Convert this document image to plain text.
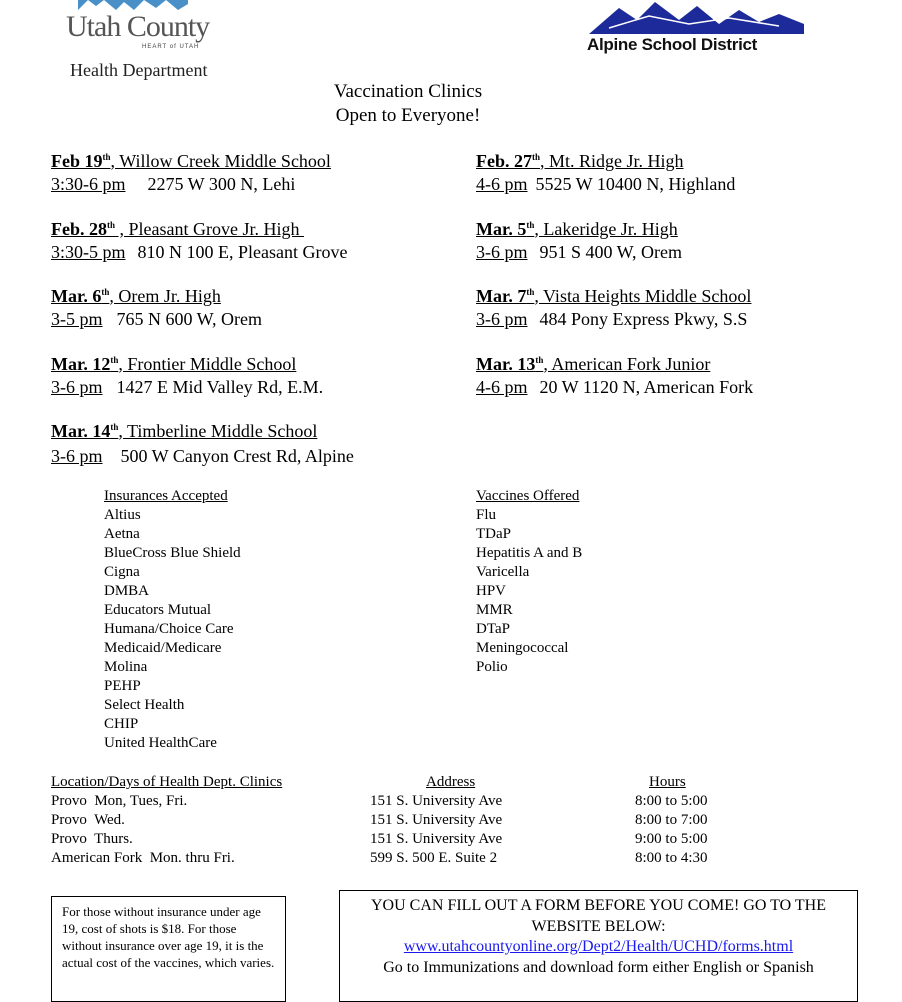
Utah County
HEART of UTAH
Health Department
Alpine School District
Vaccination Clinics
Open to Everyone!
Feb 19th, Willow Creek Middle School
3:30-6 pm 2275 W 300 N, Lehi
Feb. 27th, Mt. Ridge Jr. High
4-6 pm 5525 W 10400 N, Highland
Feb. 28th , Pleasant Grove Jr. High
3:30-5 pm 810 N 100 E, Pleasant Grove
Mar. 5th, Lakeridge Jr. High
3-6 pm 951 S 400 W, Orem
Mar. 6th, Orem Jr. High
3-5 pm 765 N 600 W, Orem
Mar. 7th, Vista Heights Middle School
3-6 pm 484 Pony Express Pkwy, S.S
Mar. 12th, Frontier Middle School
3-6 pm 1427 E Mid Valley Rd, E.M.
Mar. 13th, American Fork Junior
4-6 pm 20 W 1120 N, American Fork
Mar. 14th, Timberline Middle School
3-6 pm 500 W Canyon Crest Rd, Alpine
Insurances Accepted
Altius
Aetna
BlueCross Blue Shield
Cigna
DMBA
Educators Mutual
Humana/Choice Care
Medicaid/Medicare
Molina
PEHP
Select Health
CHIP
United HealthCare
Vaccines Offered
Flu
TDaP
Hepatitis A and B
Varicella
HPV
MMR
DTaP
Meningococcal
Polio
Location/Days of Health Dept. Clinics	Address	Hours
Provo  Mon, Tues, Fri.	151 S. University Ave	8:00 to 5:00
Provo  Wed.	151 S. University Ave	8:00 to 7:00
Provo  Thurs.	151 S. University Ave	9:00 to 5:00
American Fork  Mon. thru Fri.	599 S. 500 E. Suite 2	8:00 to 4:30
For those without insurance under age 19, cost of shots is $18. For those without insurance over age 19, it is the actual cost of the vaccines, which varies.
YOU CAN FILL OUT A FORM BEFORE YOU COME! GO TO THE WEBSITE BELOW:
www.utahcountyonline.org/Dept2/Health/UCHD/forms.html
Go to Immunizations and download form either English or Spanish
